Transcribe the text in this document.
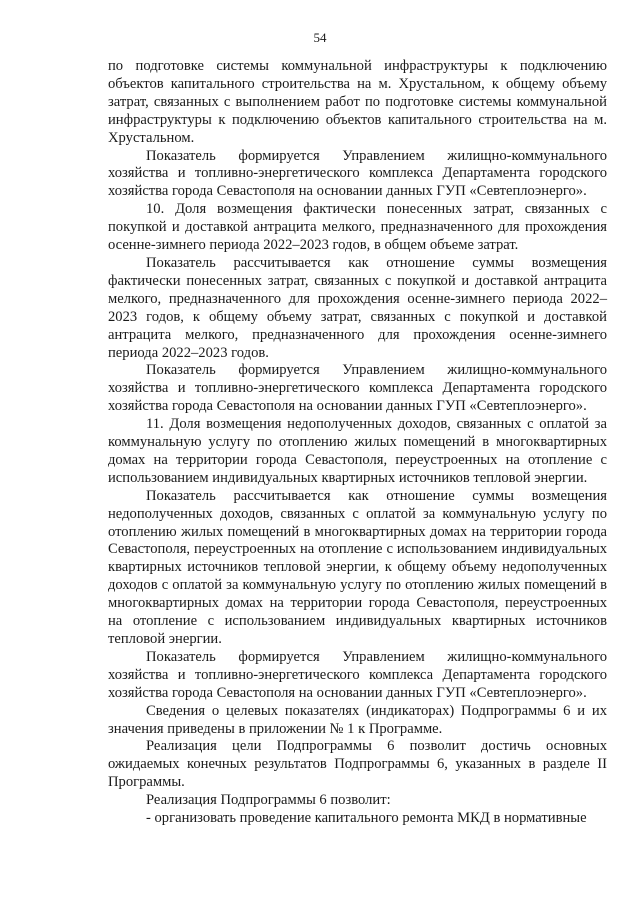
54

по подготовке системы коммунальной инфраструктуры к подключению объектов капитального строительства на м. Хрустальном, к общему объему затрат, связанных с выполнением работ по подготовке системы коммунальной инфраструктуры к подключению объектов капитального строительства на м. Хрустальном.

Показатель формируется Управлением жилищно-коммунального хозяйства и топливно-энергетического комплекса Департамента городского хозяйства города Севастополя на основании данных ГУП «Севтеплоэнерго».

10. Доля возмещения фактически понесенных затрат, связанных с покупкой и доставкой антрацита мелкого, предназначенного для прохождения осенне-зимнего периода 2022–2023 годов, в общем объеме затрат.

Показатель рассчитывается как отношение суммы возмещения фактически понесенных затрат, связанных с покупкой и доставкой антрацита мелкого, предназначенного для прохождения осенне-зимнего периода 2022–2023 годов, к общему объему затрат, связанных с покупкой и доставкой антрацита мелкого, предназначенного для прохождения осенне-зимнего периода 2022–2023 годов.

Показатель формируется Управлением жилищно-коммунального хозяйства и топливно-энергетического комплекса Департамента городского хозяйства города Севастополя на основании данных ГУП «Севтеплоэнерго».

11. Доля возмещения недополученных доходов, связанных с оплатой за коммунальную услугу по отоплению жилых помещений в многоквартирных домах на территории города Севастополя, переустроенных на отопление с использованием индивидуальных квартирных источников тепловой энергии.

Показатель рассчитывается как отношение суммы возмещения недополученных доходов, связанных с оплатой за коммунальную услугу по отоплению жилых помещений в многоквартирных домах на территории города Севастополя, переустроенных на отопление с использованием индивидуальных квартирных источников тепловой энергии, к общему объему недополученных доходов с оплатой за коммунальную услугу по отоплению жилых помещений в многоквартирных домах на территории города Севастополя, переустроенных на отопление с использованием индивидуальных квартирных источников тепловой энергии.

Показатель формируется Управлением жилищно-коммунального хозяйства и топливно-энергетического комплекса Департамента городского хозяйства города Севастополя на основании данных ГУП «Севтеплоэнерго».

Сведения о целевых показателях (индикаторах) Подпрограммы 6 и их значения приведены в приложении № 1 к Программе.

Реализация цели Подпрограммы 6 позволит достичь основных ожидаемых конечных результатов Подпрограммы 6, указанных в разделе II Программы.

Реализация Подпрограммы 6 позволит:

- организовать проведение капитального ремонта МКД в нормативные
